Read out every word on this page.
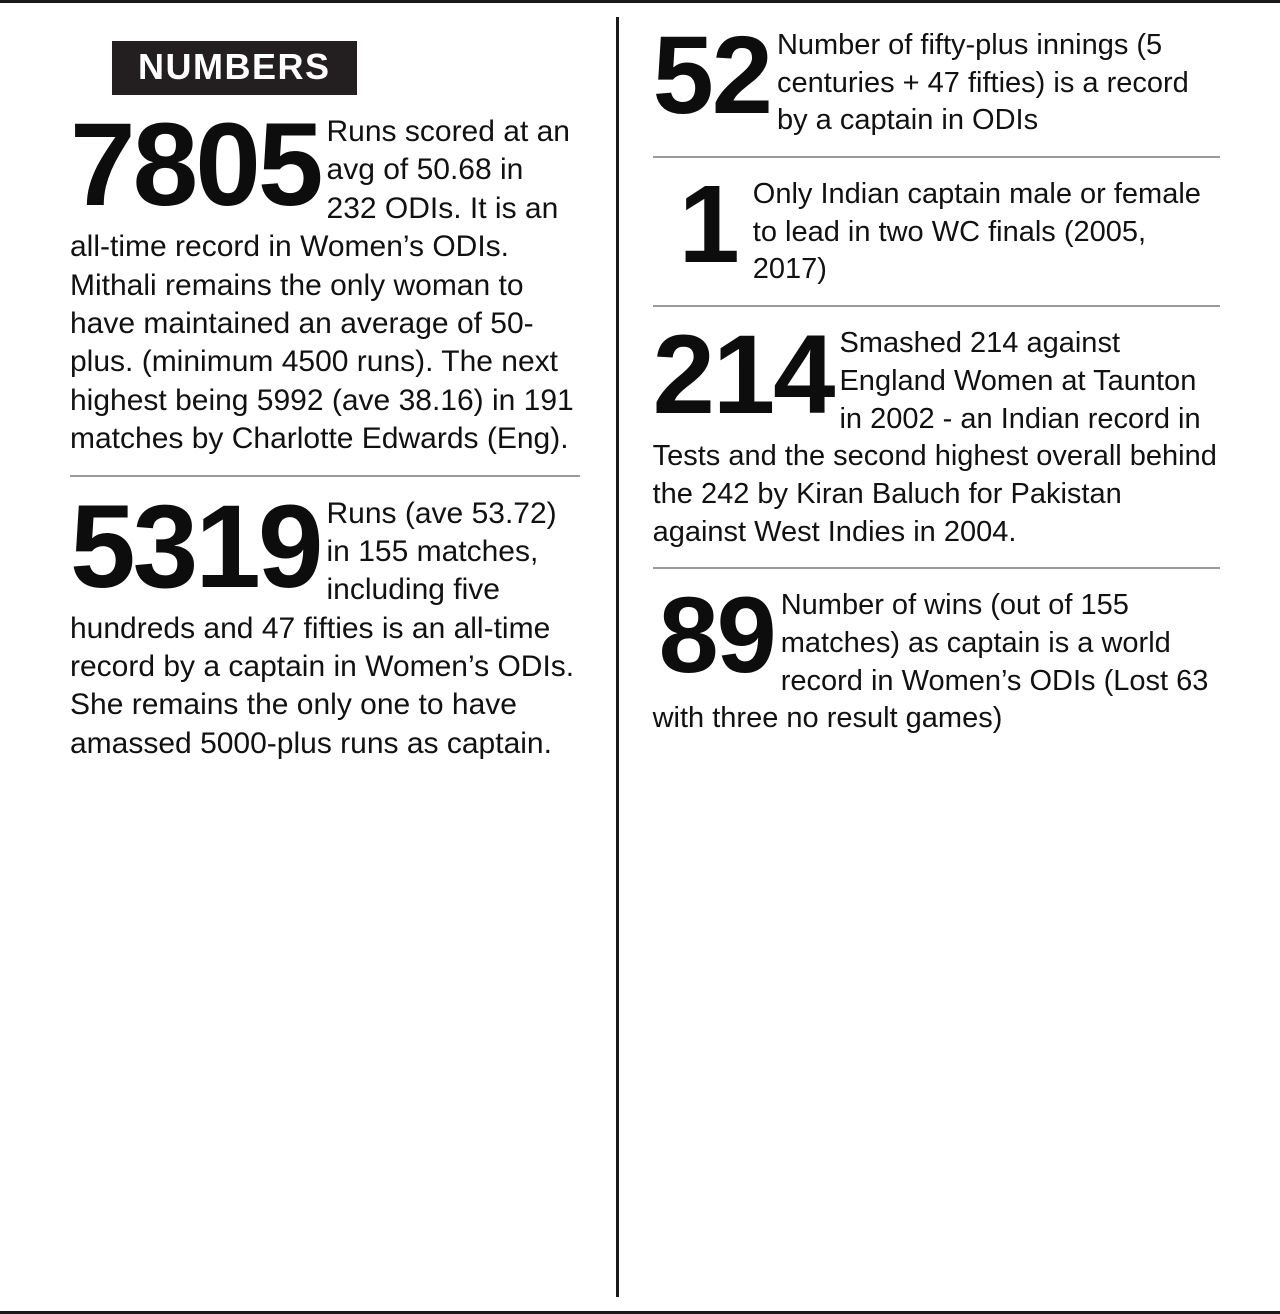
NUMBERS
7805 Runs scored at an avg of 50.68 in 232 ODIs. It is an all-time record in Women’s ODIs. Mithali remains the only woman to have maintained an average of 50-plus. (minimum 4500 runs). The next highest being 5992 (ave 38.16) in 191 matches by Charlotte Edwards (Eng).
5319 Runs (ave 53.72) in 155 matches, including five hundreds and 47 fifties is an all-time record by a captain in Women’s ODIs. She remains the only one to have amassed 5000-plus runs as captain.
52 Number of fifty-plus innings (5 centuries + 47 fifties) is a record by a captain in ODIs
1 Only Indian captain male or female to lead in two WC finals (2005, 2017)
214 Smashed 214 against England Women at Taunton in 2002 - an Indian record in Tests and the second highest overall behind the 242 by Kiran Baluch for Pakistan against West Indies in 2004.
89 Number of wins (out of 155 matches) as captain is a world record in Women’s ODIs (Lost 63 with three no result games)
